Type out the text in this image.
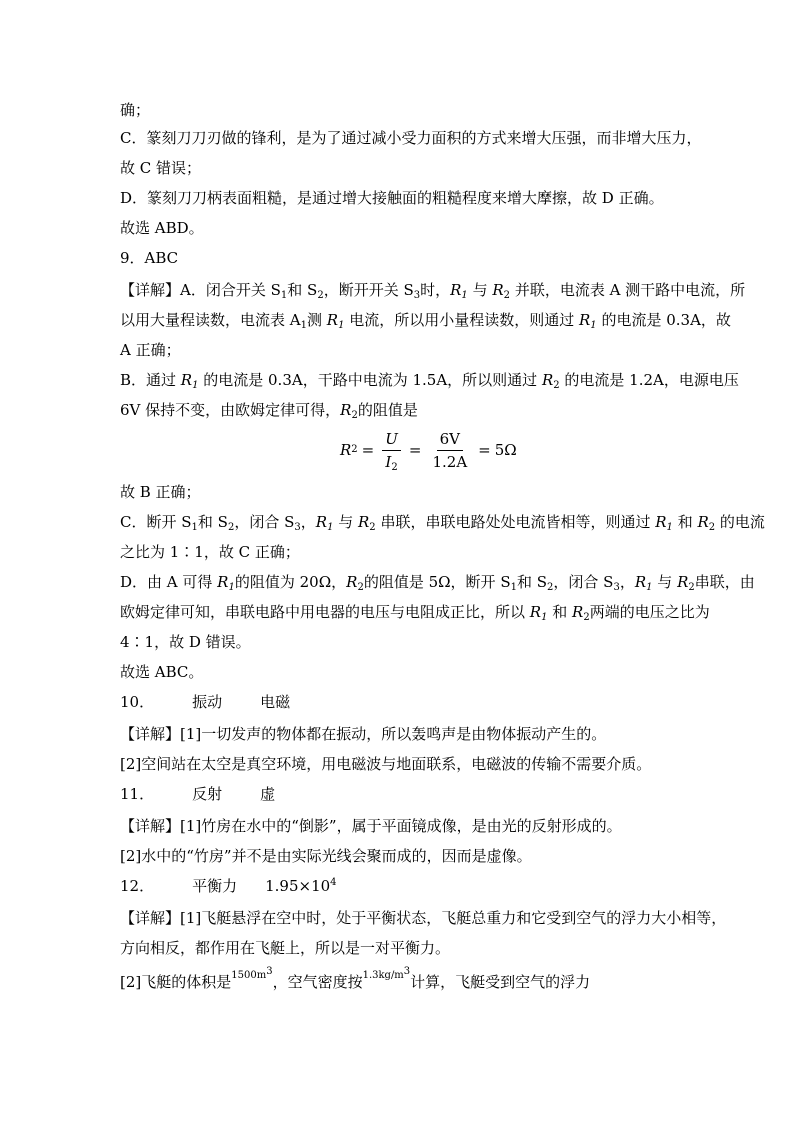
确；
C．篆刻刀刀刃做的锋利，是为了通过减小受力面积的方式来增大压强，而非增大压力，
故 C 错误；
D．篆刻刀刀柄表面粗糙，是通过增大接触面的粗糙程度来增大摩擦，故 D 正确。
故选 ABD。
9．ABC
【详解】A．闭合开关 $S_1$和 $S_2$，断开开关 $S_3$时，$R_1$ 与 $R_2$ 并联，电流表 A 测干路中电流，所
以用大量程读数，电流表 $A_1$测 $R_1$ 电流，所以用小量程读数，则通过 $R_1$ 的电流是 0.3A，故
A 正确；
B．通过 $R_1$ 的电流是 0.3A，干路中电流为 1.5A，所以则通过 $R_2$ 的电流是 1.2A，电源电压
6V 保持不变，由欧姆定律可得，$R_2$的阻值是
R $2 = \frac{U}{I_2} = \frac{6V}{1.2A} = 5\Omega$
故 B 正确；
C．断开 $S_1$和 $S_2$，闭合 $S_3$，$R_1$ 与 $R_2$ 串联，串联电路处处电流皆相等，则通过 $R_1$ 和 $R_2$ 的电流
之比为 1∶1，故 C 正确；
D．由 A 可得 $R_1$的阻值为 20Ω，$R_2$的阻值是 5Ω，断开 $S_1$和 $S_2$，闭合 $S_3$，$R_1$ 与 $R_2$串联，由
欧姆定律可知，串联电路中用电器的电压与电阻成正比，所以 $R_1$ 和 $R_2$两端的电压之比为
4∶1，故 D 错误。
故选 ABC。
10．	振动	电磁
【详解】[1]一切发声的物体都在振动，所以轰鸣声是由物体振动产生的。
[2]空间站在太空是真空环境，用电磁波与地面联系，电磁波的传输不需要介质。
11．	反射	虚
【详解】[1]竹房在水中的“倒影”，属于平面镜成像，是由光的反射形成的。
[2]水中的“竹房”并不是由实际光线会聚而成的，因而是虚像。
12．	平衡力 $1.95\times 10^4$
【详解】[1]飞艇悬浮在空中时，处于平衡状态，飞艇总重力和它受到空气的浮力大小相等，
方向相反，都作用在飞艇上，所以是一对平衡力。
[2]飞艇的体积是$^{1500m3}$，空气密度按$^{1.3kg/m3}$计算，飞艇受到空气的浮力
